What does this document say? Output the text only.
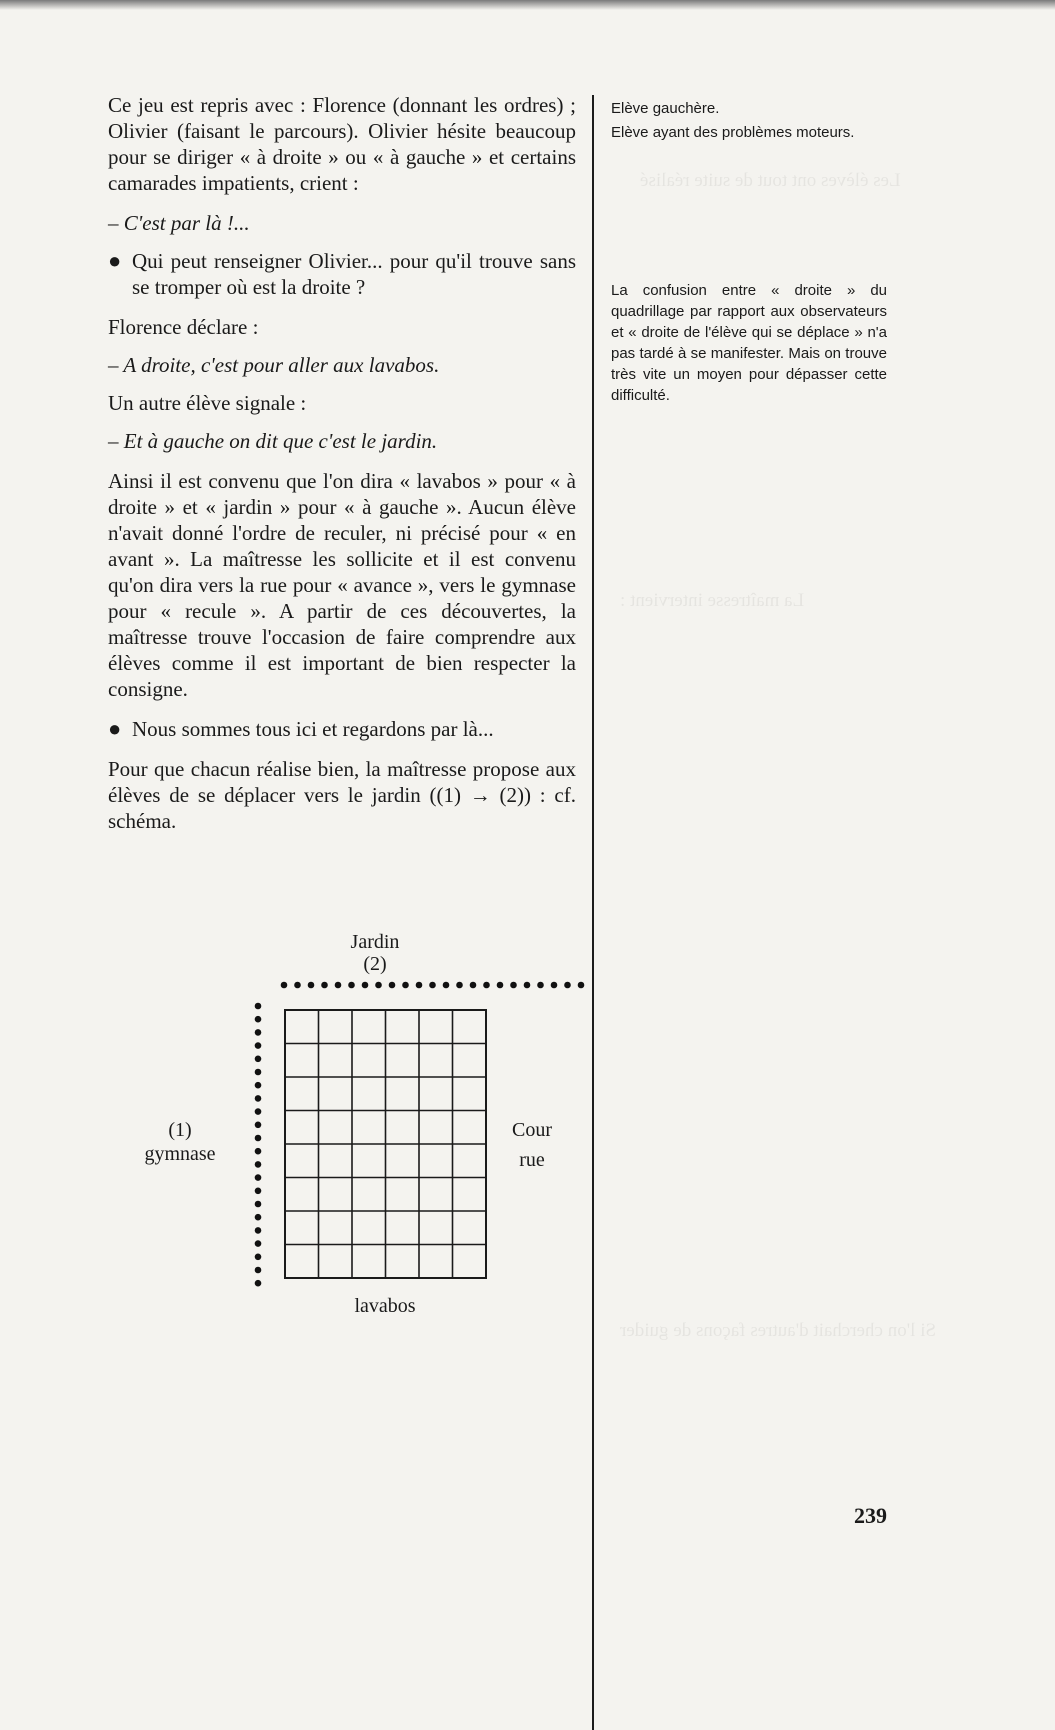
Les élèves ont tout de suite réalisé
La maîtresse intervient :
Si l'on cherchait d'autres façons de guider

Ce jeu est repris avec : Florence (donnant les ordres) ; Olivier (faisant le parcours). Olivier hésite beaucoup pour se diriger « à droite » ou « à gauche » et certains camarades impatients, crient :

– C'est par là !...

● Qui peut renseigner Olivier... pour qu'il trouve sans se tromper où est la droite ?

Florence déclare :

– A droite, c'est pour aller aux lavabos.

Un autre élève signale :

– Et à gauche on dit que c'est le jardin.

Ainsi il est convenu que l'on dira « lavabos » pour « à droite » et « jardin » pour « à gauche ». Aucun élève n'avait donné l'ordre de reculer, ni précisé pour « en avant ». La maîtresse les sollicite et il est convenu qu'on dira vers la rue pour « avance », vers le gymnase pour « recule ». A partir de ces découvertes, la maîtresse trouve l'occasion de faire comprendre aux élèves comme il est important de bien respecter la consigne.

● Nous sommes tous ici et regardons par là...

Pour que chacun réalise bien, la maîtresse propose aux élèves de se déplacer vers le jardin ((1) → (2)) : cf. schéma.

Elève gauchère.

Elève ayant des problèmes moteurs.

La confusion entre « droite » du quadrillage par rapport aux observateurs et « droite de l'élève qui se déplace » n'a pas tardé à se manifester. Mais on trouve très vite un moyen pour dépasser cette difficulté.

Jardin
(2)
(1)
gymnase
Cour
rue
lavabos
239
